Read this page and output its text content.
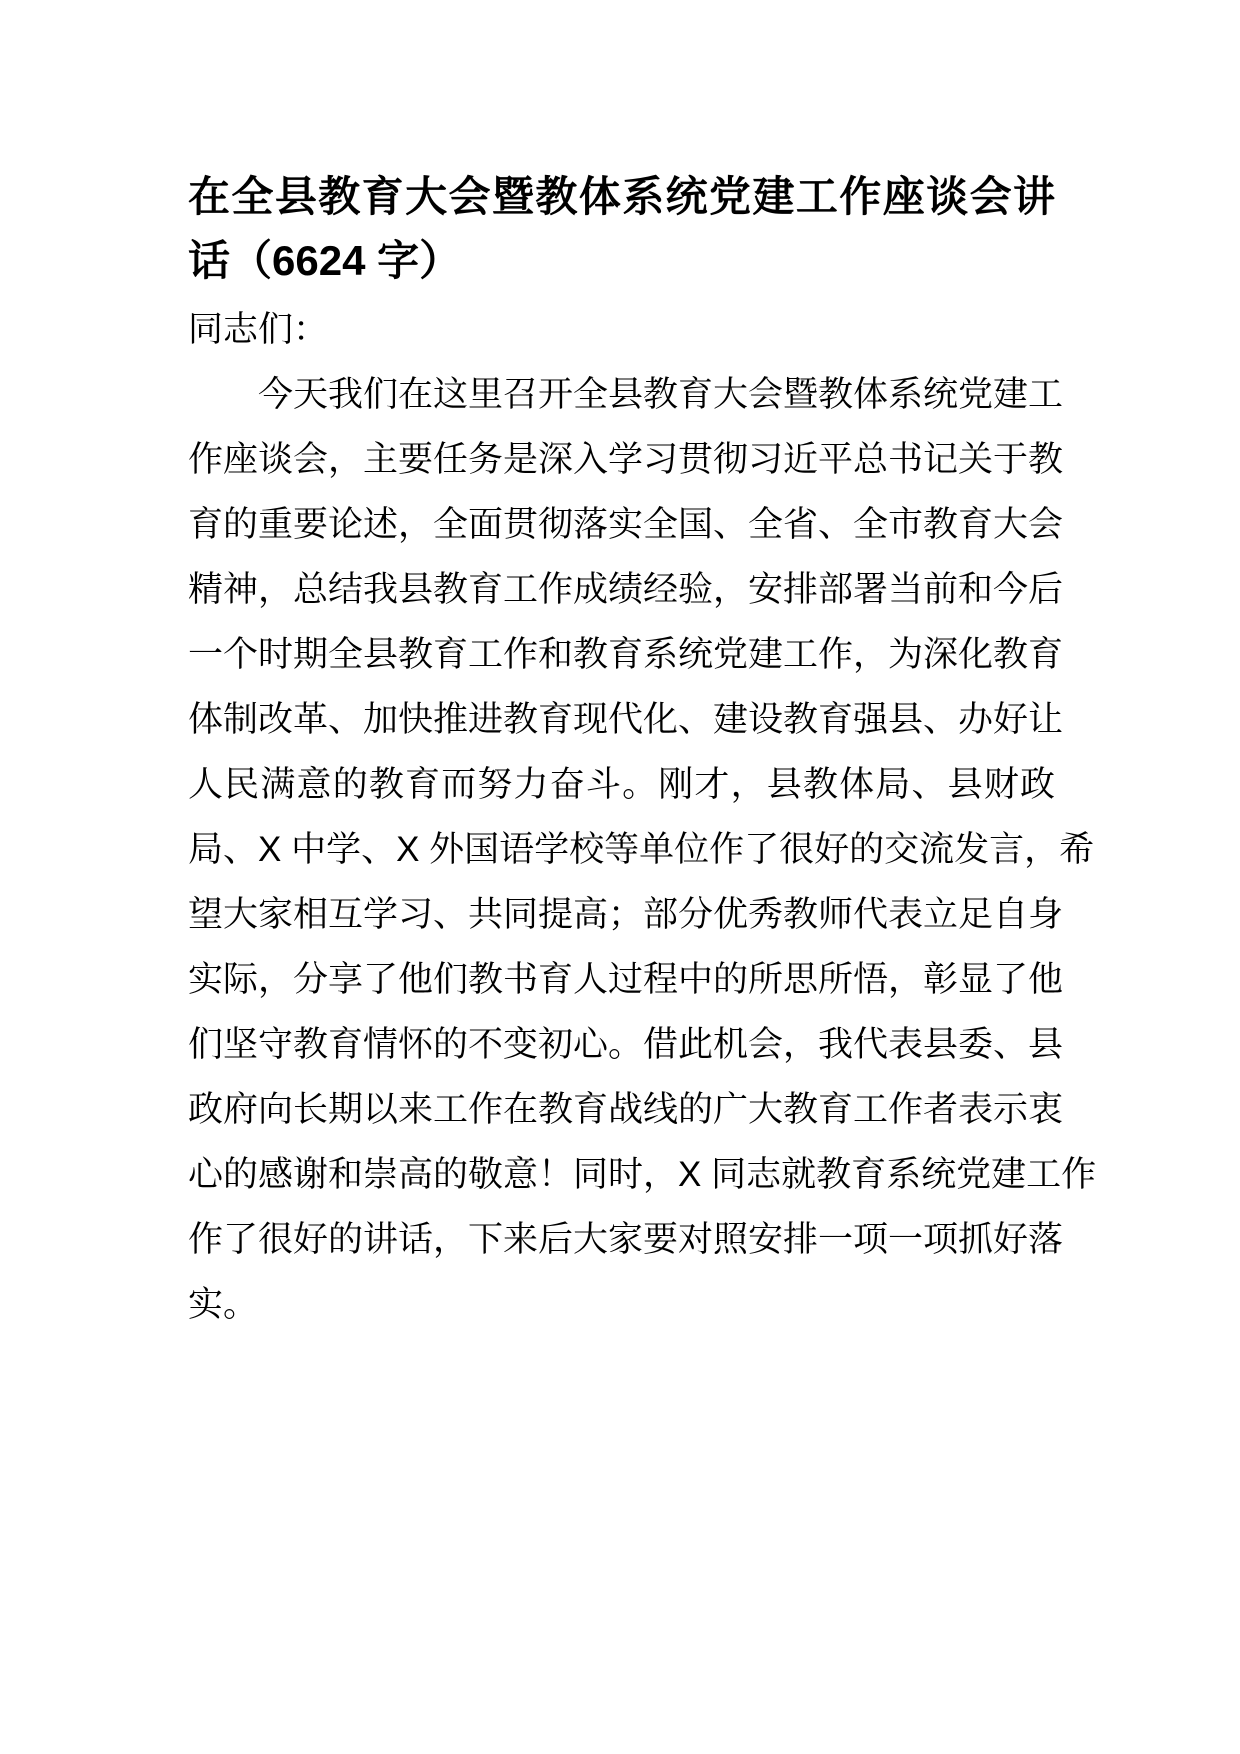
在全县教育大会暨教体系统党建工作座谈会讲
话（6624 字）
同志们：
今天我们在这里召开全县教育大会暨教体系统党建工
作座谈会，主要任务是深入学习贯彻习近平总书记关于教
育的重要论述，全面贯彻落实全国、全省、全市教育大会
精神，总结我县教育工作成绩经验，安排部署当前和今后
一个时期全县教育工作和教育系统党建工作，为深化教育
体制改革、加快推进教育现代化、建设教育强县、办好让
人民满意的教育而努力奋斗。刚才，县教体局、县财政
局、X 中学、X 外国语学校等单位作了很好的交流发言，希
望大家相互学习、共同提高；部分优秀教师代表立足自身
实际，分享了他们教书育人过程中的所思所悟，彰显了他
们坚守教育情怀的不变初心。借此机会，我代表县委、县
政府向长期以来工作在教育战线的广大教育工作者表示衷
心的感谢和崇高的敬意！同时，X 同志就教育系统党建工作
作了很好的讲话，下来后大家要对照安排一项一项抓好落
实。
